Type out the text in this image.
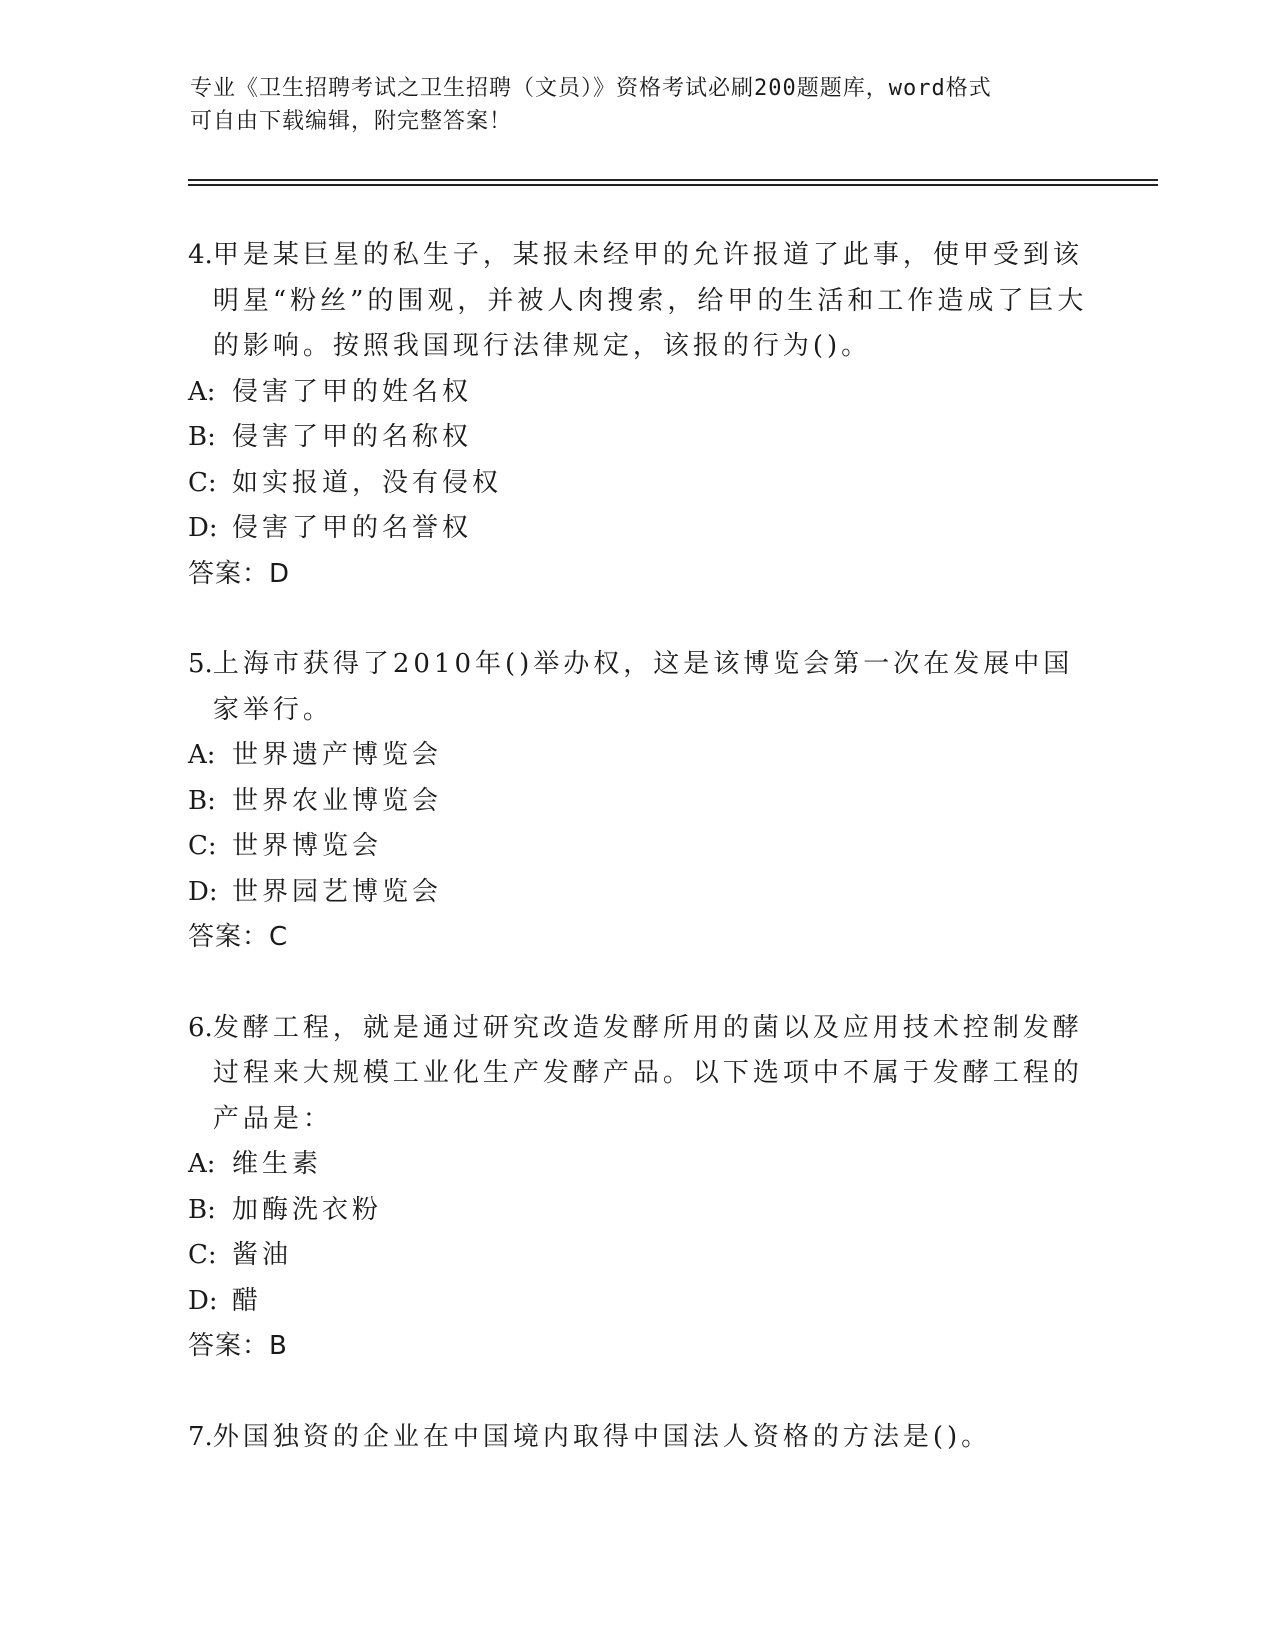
专业《卫生招聘考试之卫生招聘（文员）》资格考试必刷200题题库，word格式
可自由下载编辑，附完整答案！
4. 甲是某巨星的私生子，某报未经甲的允许报道了此事，使甲受到该明星“粉丝”的围观，并被人肉搜索，给甲的生活和工作造成了巨大的影响。按照我国现行法律规定，该报的行为()。
A: 侵害了甲的姓名权
B: 侵害了甲的名称权
C: 如实报道，没有侵权
D: 侵害了甲的名誉权
答案：D
5. 上海市获得了2010年()举办权，这是该博览会第一次在发展中国家举行。
A: 世界遗产博览会
B: 世界农业博览会
C: 世界博览会
D: 世界园艺博览会
答案：C
6. 发酵工程，就是通过研究改造发酵所用的菌以及应用技术控制发酵过程来大规模工业化生产发酵产品。以下选项中不属于发酵工程的产品是：
A: 维生素
B: 加酶洗衣粉
C: 酱油
D: 醋
答案：B
7. 外国独资的企业在中国境内取得中国法人资格的方法是()。
